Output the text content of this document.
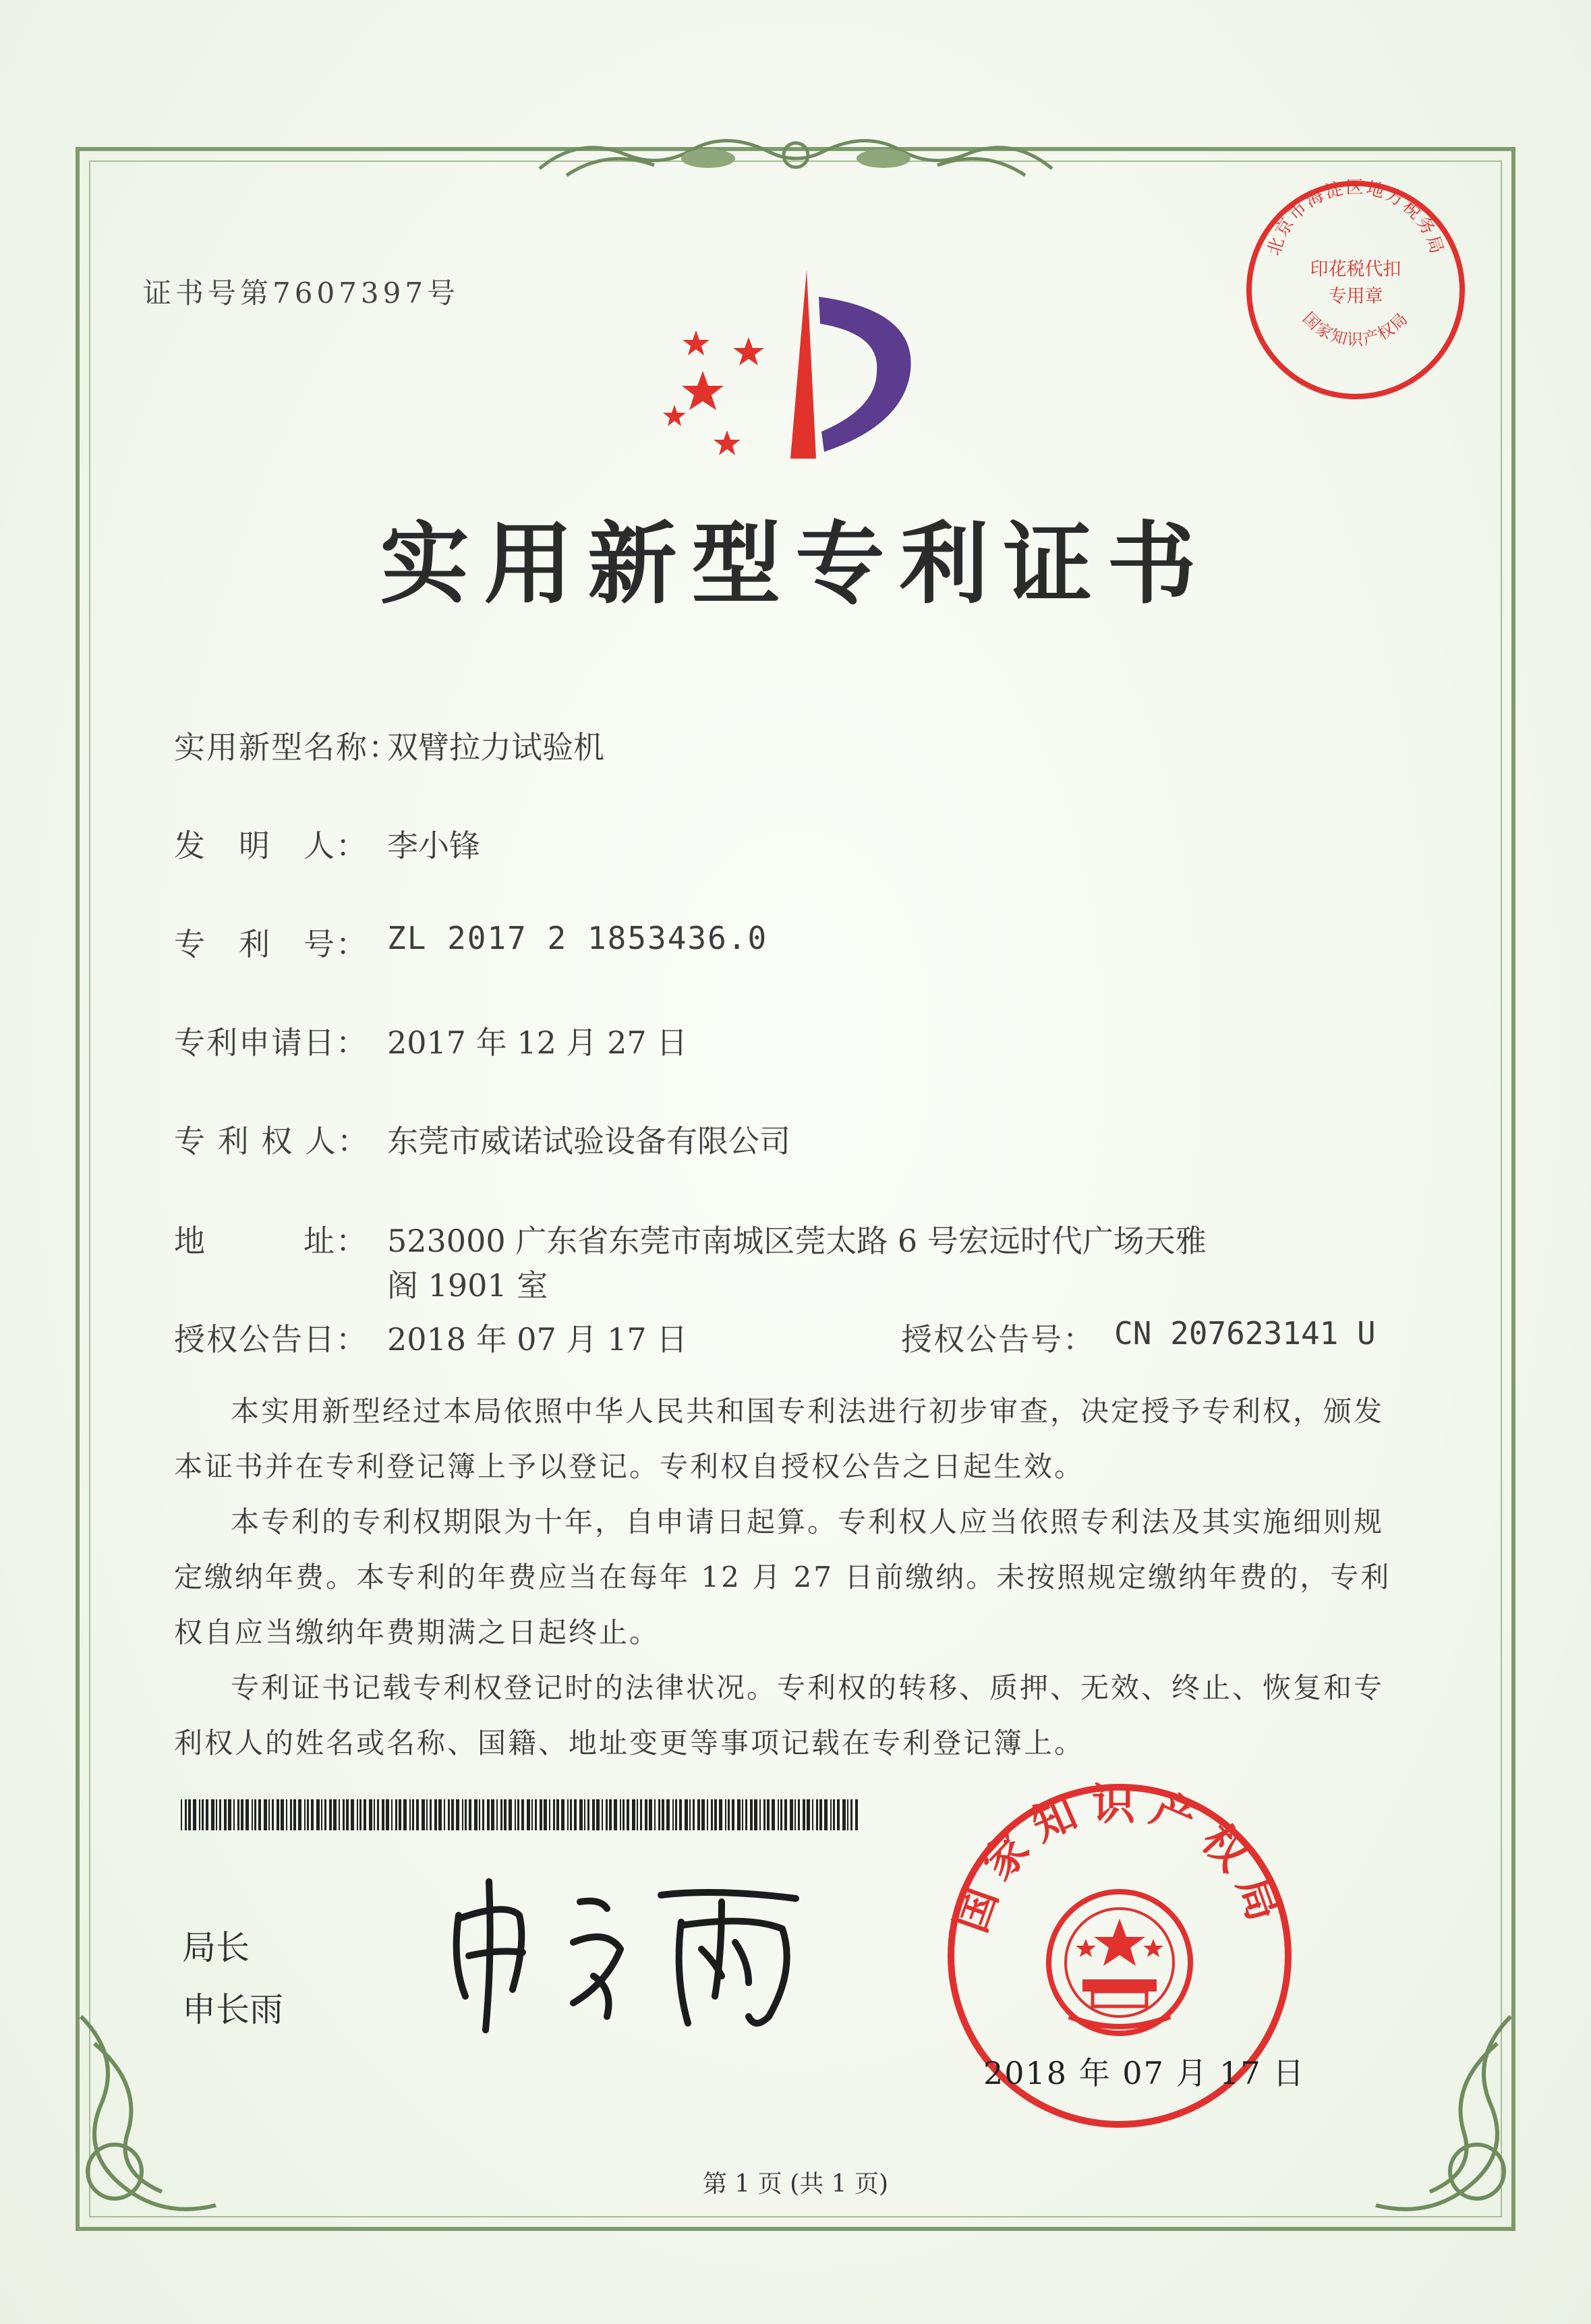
证书号第7607397号
北京市海淀区地方税务局
国家知识产权局
印花税代扣专用章
实用新型专利证书
实用新型名称：
双臂拉力试验机
发　明　人： 李小锋
专　利　号： ZL 2017 2 1853436.0
专利申请日： 2017 年 12 月 27 日
专 利 权 人： 东莞市威诺试验设备有限公司
地　　　址： 523000 广东省东莞市南城区莞太路 6 号宏远时代广场天雅
阁 1901 室
授权公告日： 2018 年 07 月 17 日	授权公告号： CN 207623141 U
本实用新型经过本局依照中华人民共和国专利法进行初步审查，决定授予专利权，颁发本证书并在专利登记簿上予以登记。专利权自授权公告之日起生效。
本专利的专利权期限为十年，自申请日起算。专利权人应当依照专利法及其实施细则规定缴纳年费。本专利的年费应当在每年 12 月 27 日前缴纳。未按照规定缴纳年费的，专利权自应当缴纳年费期满之日起终止。
专利证书记载专利权登记时的法律状况。专利权的转移、质押、无效、终止、恢复和专利权人的姓名或名称、国籍、地址变更等事项记载在专利登记簿上。
局长
申长雨
国家知识产权局
2018 年 07 月 17 日
第 1 页 (共 1 页)
